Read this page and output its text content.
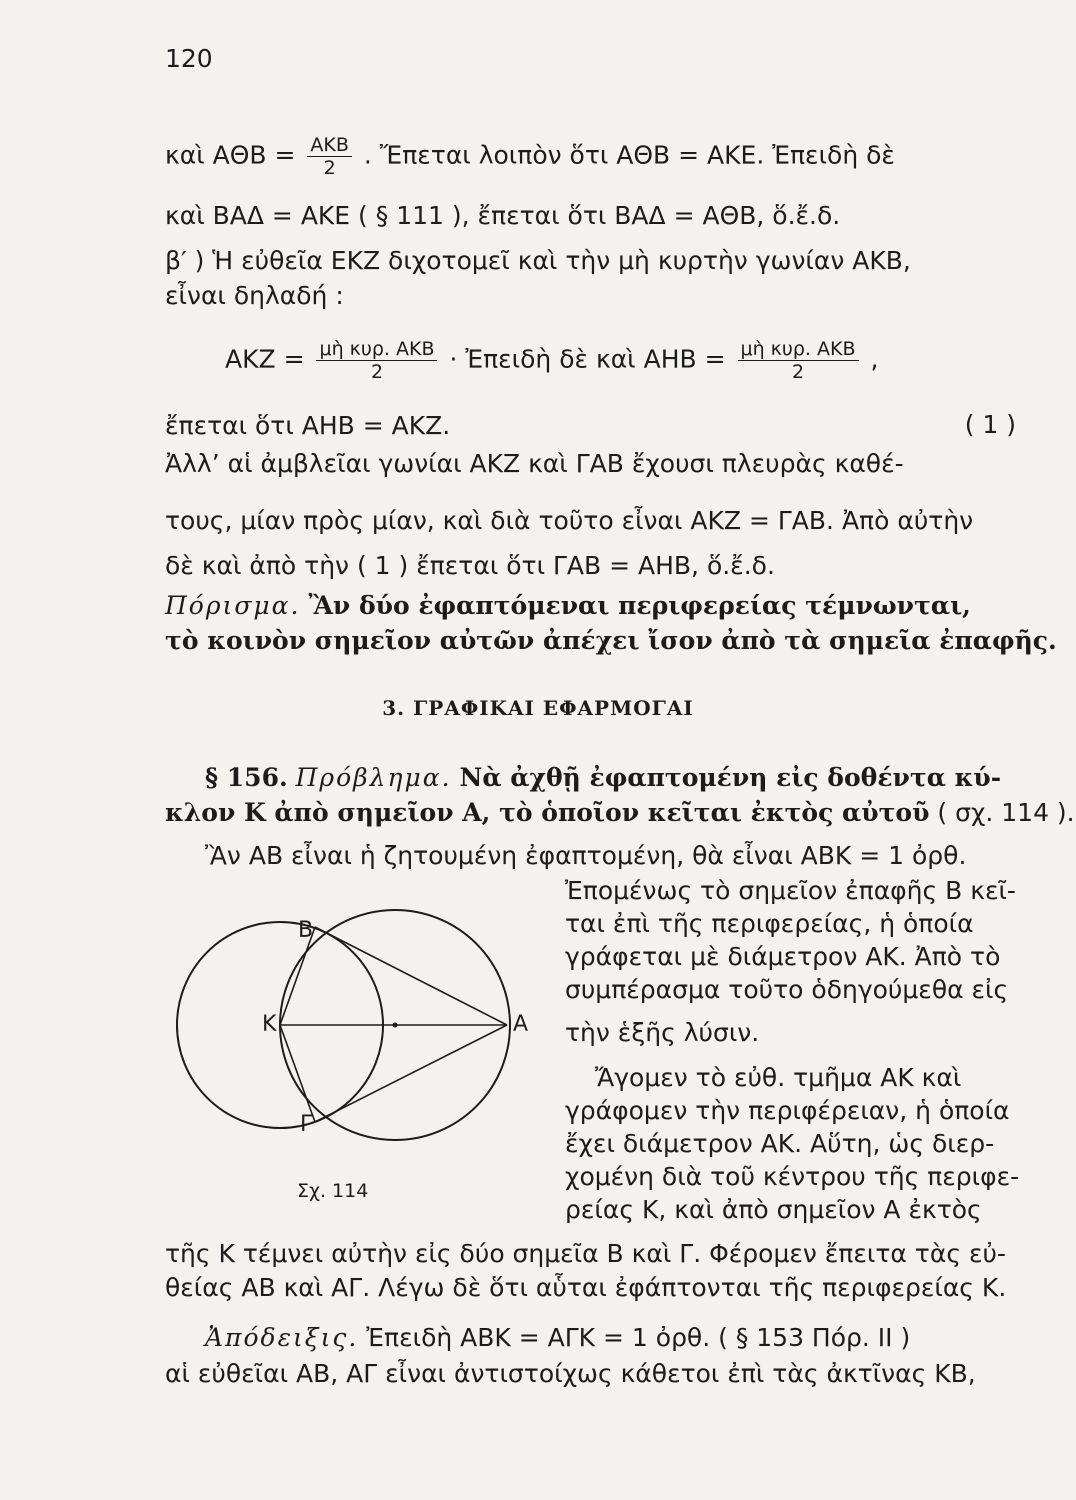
120
καὶ $A\Theta B = \frac{\text{ΑΚΒ}}{2}$ . Ἔπεται λοιπὸν ὅτι ΑΘΒ = ΑΚΕ. Ἐπειδὴ δὲ
καὶ ΒΑΔ = ΑΚΕ ( § 111 ), ἔπεται ὅτι ΒΑΔ = ΑΘΒ, ὅ.ἔ.δ.
β′ ) Ἡ εὐθεῖα ΕΚΖ διχοτομεῖ καὶ τὴν μὴ κυρτὴν γωνίαν ΑΚΒ,
εἶναι δηλαδή :
$AKZ = \frac{\text{μὴ κυρ. ΑΚΒ}}{2}$ · Ἐπειδὴ δὲ καὶ $AHB = \frac{\text{μὴ κυρ. ΑΚΒ}}{2}$ ,
ἔπεται ὅτι ΑΗΒ = ΑΚΖ.	( 1 )
Ἀλλ’ αἱ ἀμβλεῖαι γωνίαι ΑΚΖ καὶ ΓΑΒ ἔχουσι πλευρὰς καθέ-
τους, μίαν πρὸς μίαν, καὶ διὰ τοῦτο εἶναι ΑΚΖ = ΓΑΒ. Ἀπὸ αὐτὴν
δὲ καὶ ἀπὸ τὴν ( 1 ) ἔπεται ὅτι ΓΑΒ = ΑΗΒ, ὅ.ἔ.δ.
Πόρισμα. Ἂν δύο ἐφαπτόμεναι περιφερείας τέμνωνται,
τὸ κοινὸν σημεῖον αὐτῶν ἀπέχει ἴσον ἀπὸ τὰ σημεῖα ἐπαφῆς.
3. ΓΡΑΦΙΚΑΙ ΕΦΑΡΜΟΓΑΙ
§ 156. Πρόβλημα. Νὰ ἀχθῇ ἐφαπτομένη εἰς δοθέντα κύ-
κλον Κ ἀπὸ σημεῖον Α, τὸ ὁποῖον κεῖται ἐκτὸς αὐτοῦ ( σχ. 114 ).
Ἂν ΑΒ εἶναι ἡ ζητουμένη ἐφαπτομένη, θὰ εἶναι ΑΒΚ = 1 ὀρθ.
Ἐπομένως τὸ σημεῖον ἐπαφῆς Β κεῖ-
ται ἐπὶ τῆς περιφερείας, ἡ ὁποία
γράφεται μὲ διάμετρον ΑΚ. Ἀπὸ τὸ
συμπέρασμα τοῦτο ὁδηγούμεθα εἰς
τὴν ἑξῆς λύσιν.
Ἄγομεν τὸ εὐθ. τμῆμα ΑΚ καὶ
γράφομεν τὴν περιφέρειαν, ἡ ὁποία
ἔχει διάμετρον ΑΚ. Αὕτη, ὡς διερ-
χομένη διὰ τοῦ κέντρου τῆς περιφε-
ρείας Κ, καὶ ἀπὸ σημεῖον Α ἐκτὸς
Β
Κ	Α
Γ
Σχ. 114
τῆς Κ τέμνει αὐτὴν εἰς δύο σημεῖα Β καὶ Γ. Φέρομεν ἔπειτα τὰς εὐ-
θείας ΑΒ καὶ ΑΓ. Λέγω δὲ ὅτι αὗται ἐφάπτονται τῆς περιφερείας Κ.
Ἀπόδειξις. Ἐπειδὴ ΑΒΚ = ΑΓΚ = 1 ὀρθ. ( § 153 Πόρ. ΙΙ )
αἱ εὐθεῖαι ΑΒ, ΑΓ εἶναι ἀντιστοίχως κάθετοι ἐπὶ τὰς ἀκτῖνας ΚΒ,
